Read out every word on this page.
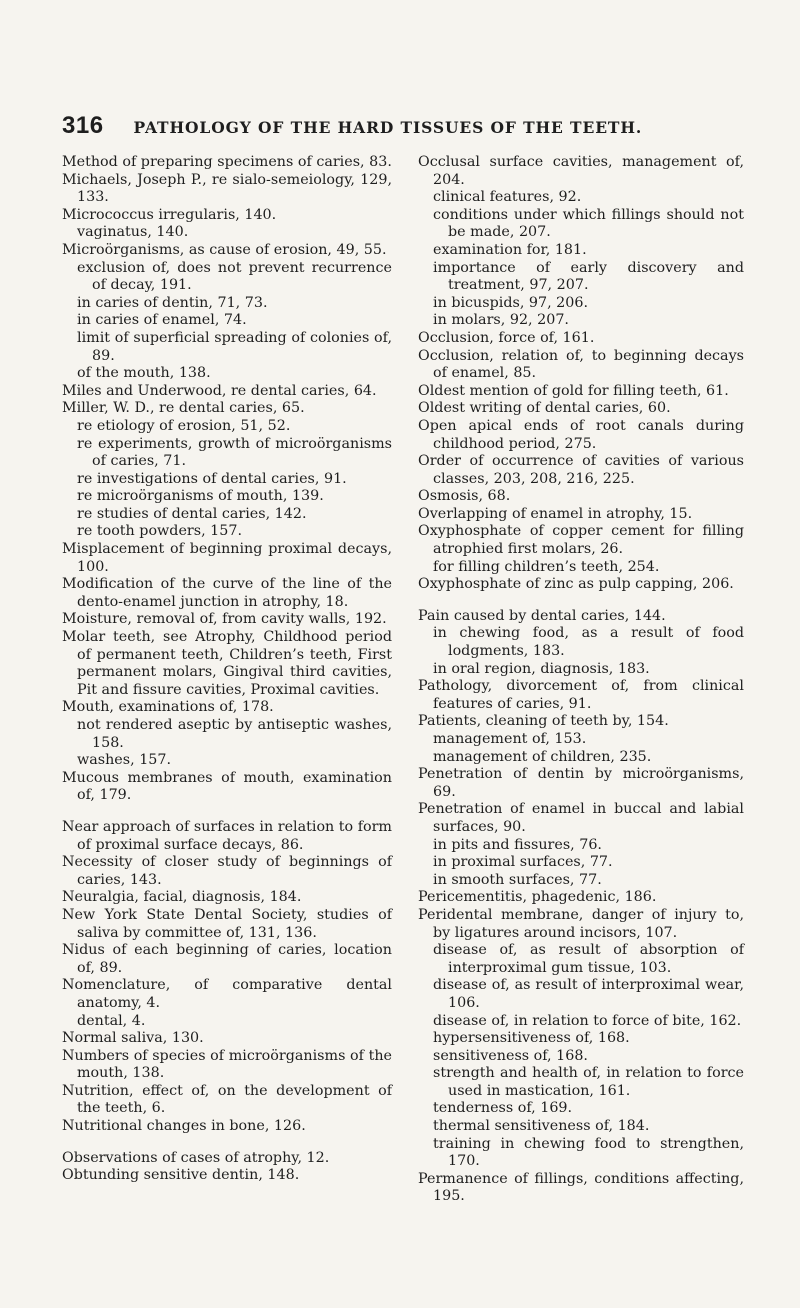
316 PATHOLOGY OF THE HARD TISSUES OF THE TEETH.
Method of preparing specimens of caries, 83.
Michaels, Joseph P., re sialo-semeiology, 129, 133.
Micrococcus irregularis, 140.
vaginatus, 140.
Microörganisms, as cause of erosion, 49, 55.
exclusion of, does not prevent recurrence of decay, 191.
in caries of dentin, 71, 73.
in caries of enamel, 74.
limit of superficial spreading of colonies of, 89.
of the mouth, 138.
Miles and Underwood, re dental caries, 64.
Miller, W. D., re dental caries, 65.
re etiology of erosion, 51, 52.
re experiments, growth of microörganisms of caries, 71.
re investigations of dental caries, 91.
re microörganisms of mouth, 139.
re studies of dental caries, 142.
re tooth powders, 157.
Misplacement of beginning proximal decays, 100.
Modification of the curve of the line of the dento-enamel junction in atrophy, 18.
Moisture, removal of, from cavity walls, 192.
Molar teeth, see Atrophy, Childhood period of permanent teeth, Children’s teeth, First permanent molars, Gingival third cavities, Pit and fissure cavities, Proximal cavities.
Mouth, examinations of, 178.
not rendered aseptic by antiseptic washes, 158.
washes, 157.
Mucous membranes of mouth, examination of, 179.
Near approach of surfaces in relation to form of proximal surface decays, 86.
Necessity of closer study of beginnings of caries, 143.
Neuralgia, facial, diagnosis, 184.
New York State Dental Society, studies of saliva by committee of, 131, 136.
Nidus of each beginning of caries, location of, 89.
Nomenclature, of comparative dental anatomy, 4.
dental, 4.
Normal saliva, 130.
Numbers of species of microörganisms of the mouth, 138.
Nutrition, effect of, on the development of the teeth, 6.
Nutritional changes in bone, 126.
Observations of cases of atrophy, 12.
Obtunding sensitive dentin, 148.
Occlusal surface cavities, management of, 204.
clinical features, 92.
conditions under which fillings should not be made, 207.
examination for, 181.
importance of early discovery and treatment, 97, 207.
in bicuspids, 97, 206.
in molars, 92, 207.
Occlusion, force of, 161.
Occlusion, relation of, to beginning decays of enamel, 85.
Oldest mention of gold for filling teeth, 61.
Oldest writing of dental caries, 60.
Open apical ends of root canals during childhood period, 275.
Order of occurrence of cavities of various classes, 203, 208, 216, 225.
Osmosis, 68.
Overlapping of enamel in atrophy, 15.
Oxyphosphate of copper cement for filling atrophied first molars, 26.
for filling children’s teeth, 254.
Oxyphosphate of zinc as pulp capping, 206.
Pain caused by dental caries, 144.
in chewing food, as a result of food lodgments, 183.
in oral region, diagnosis, 183.
Pathology, divorcement of, from clinical features of caries, 91.
Patients, cleaning of teeth by, 154.
management of, 153.
management of children, 235.
Penetration of dentin by microörganisms, 69.
Penetration of enamel in buccal and labial surfaces, 90.
in pits and fissures, 76.
in proximal surfaces, 77.
in smooth surfaces, 77.
Pericementitis, phagedenic, 186.
Peridental membrane, danger of injury to, by ligatures around incisors, 107.
disease of, as result of absorption of interproximal gum tissue, 103.
disease of, as result of interproximal wear, 106.
disease of, in relation to force of bite, 162.
hypersensitiveness of, 168.
sensitiveness of, 168.
strength and health of, in relation to force used in mastication, 161.
tenderness of, 169.
thermal sensitiveness of, 184.
training in chewing food to strengthen, 170.
Permanence of fillings, conditions affecting, 195.
